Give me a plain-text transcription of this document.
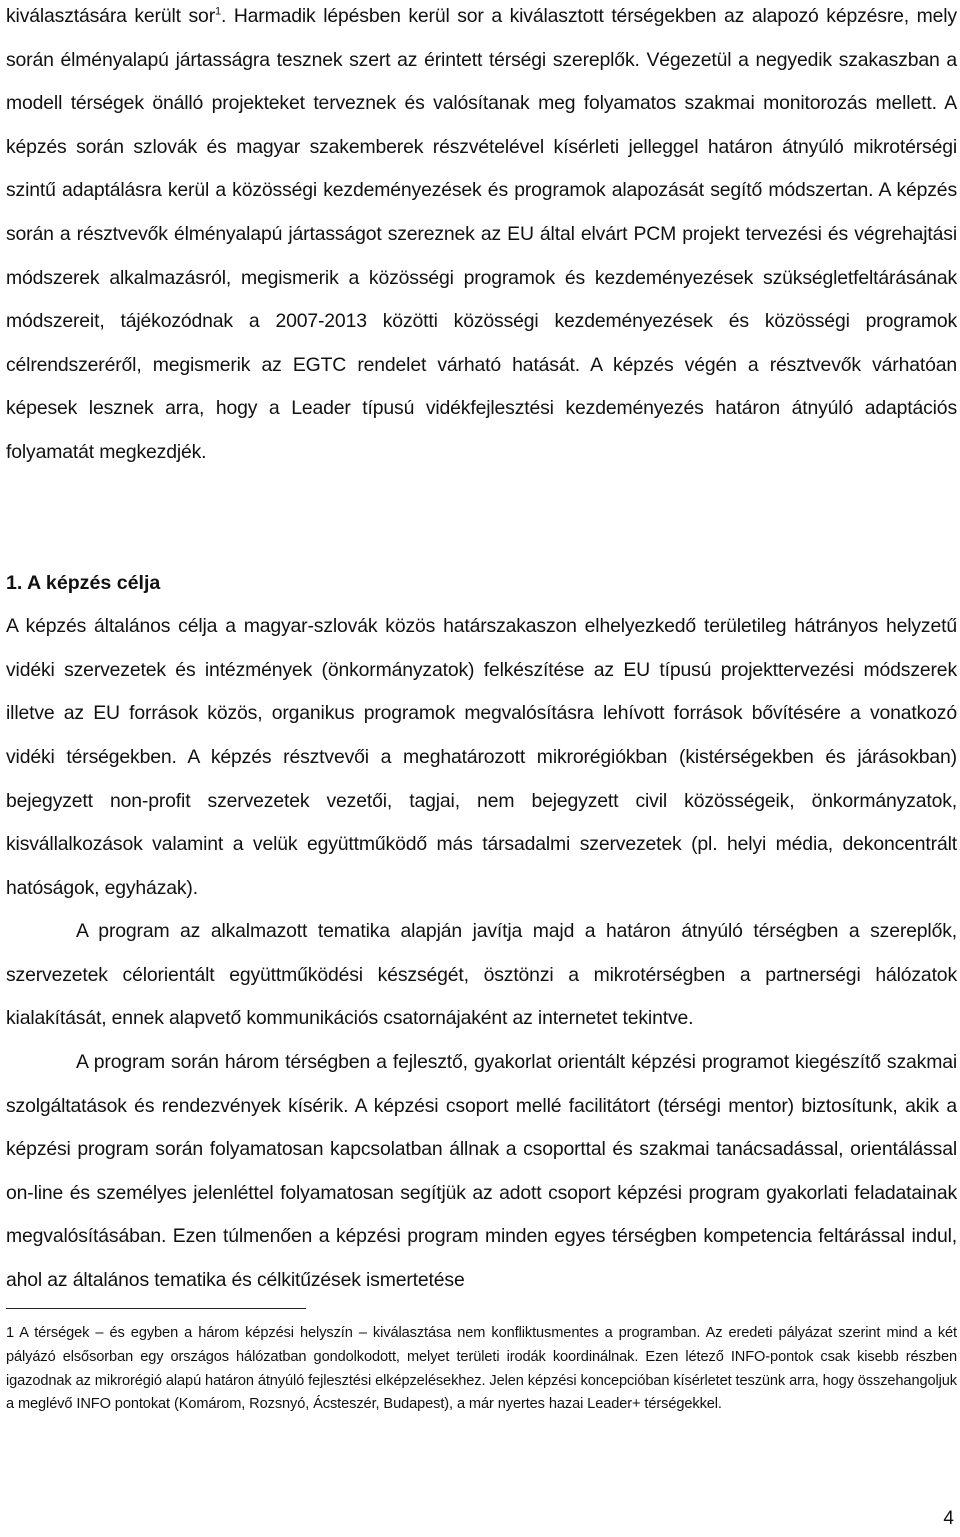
kiválasztására került sor$^1$. Harmadik lépésben kerül sor a kiválasztott térségekben az alapozó képzésre, mely során élményalapú jártasságra tesznek szert az érintett térségi szereplők. Végezetül a negyedik szakaszban a modell térségek önálló projekteket terveznek és valósítanak meg folyamatos szakmai monitorozás mellett. A képzés során szlovák és magyar szakemberek részvételével kísérleti jelleggel határon átnyúló mikrotérségi szintű adaptálásra kerül a közösségi kezdeményezések és programok alapozását segítő módszertan. A képzés során a résztvevők élményalapú jártasságot szereznek az EU által elvárt PCM projekt tervezési és végrehajtási módszerek alkalmazásról, megismerik a közösségi programok és kezdeményezések szükségletfeltárásának módszereit, tájékozódnak a 2007-2013 közötti közösségi kezdeményezések és közösségi programok célrendszeréről, megismerik az EGTC rendelet várható hatását. A képzés végén a résztvevők várhatóan képesek lesznek arra, hogy a Leader típusú vidékfejlesztési kezdeményezés határon átnyúló adaptációs folyamatát megkezdjék.

1. A képzés célja

A képzés általános célja a magyar-szlovák közös határszakaszon elhelyezkedő területileg hátrányos helyzetű vidéki szervezetek és intézmények (önkormányzatok) felkészítése az EU típusú projekttervezési módszerek illetve az EU források közös, organikus programok megvalósításra lehívott források bővítésére a vonatkozó vidéki térségekben. A képzés résztvevői a meghatározott mikrorégiókban (kistérségekben és járásokban) bejegyzett non-profit szervezetek vezetői, tagjai, nem bejegyzett civil közösségeik, önkormányzatok, kisvállalkozások valamint a velük együttműködő más társadalmi szervezetek (pl. helyi média, dekoncentrált hatóságok, egyházak).

A program az alkalmazott tematika alapján javítja majd a határon átnyúló térségben a szereplők, szervezetek célorientált együttműködési készségét, ösztönzi a mikrotérségben a partnerségi hálózatok kialakítását, ennek alapvető kommunikációs csatornájaként az internetet tekintve.

A program során három térségben a fejlesztő, gyakorlat orientált képzési programot kiegészítő szakmai szolgáltatások és rendezvények kísérik. A képzési csoport mellé facilitátort (térségi mentor) biztosítunk, akik a képzési program során folyamatosan kapcsolatban állnak a csoporttal és szakmai tanácsadással, orientálással on-line és személyes jelenléttel folyamatosan segítjük az adott csoport képzési program gyakorlati feladatainak megvalósításában. Ezen túlmenően a képzési program minden egyes térségben kompetencia feltárással indul, ahol az általános tematika és célkitűzések ismertetése

1 A térségek – és egyben a három képzési helyszín – kiválasztása nem konfliktusmentes a programban. Az eredeti pályázat szerint mind a két pályázó elsősorban egy országos hálózatban gondolkodott, melyet területi irodák koordinálnak. Ezen létező INFO-pontok csak kisebb részben igazodnak az mikrorégió alapú határon átnyúló fejlesztési elképzelésekhez. Jelen képzési koncepcióban kísérletet teszünk arra, hogy összehangoljuk a meglévő INFO pontokat (Komárom, Rozsnyó, Ácsteszér, Budapest), a már nyertes hazai Leader+ térségekkel.

4
